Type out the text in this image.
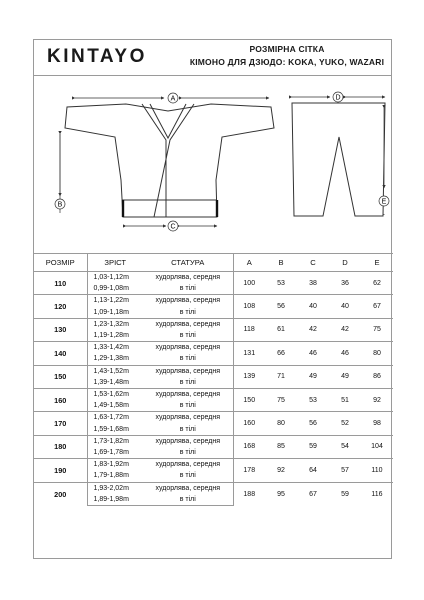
KINTAYO	РОЗМІРНА СІТКА
КІМОНО ДЛЯ ДЗЮДО: KOKA, YUKO, WAZARI
A
B
C
D
E
РОЗМІР	ЗРІСТ	СТАТУРА	A	B	C	D	E
110	1,03-1,12m	худорлява, середня	100	53	38	36	62
	0,99-1,08m	в тілі					
120	1,13-1,22m	худорлява, середня	108	56	40	40	67
	1,09-1,18m	в тілі					
130	1,23-1,32m	худорлява, середня	118	61	42	42	75
	1,19-1,28m	в тілі					
140	1,33-1,42m	худорлява, середня	131	66	46	46	80
	1,29-1,38m	в тілі					
150	1,43-1,52m	худорлява, середня	139	71	49	49	86
	1,39-1,48m	в тілі					
160	1,53-1,62m	худорлява, середня	150	75	53	51	92
	1,49-1,58m	в тілі					
170	1,63-1,72m	худорлява, середня	160	80	56	52	98
	1,59-1,68m	в тілі					
180	1,73-1,82m	худорлява, середня	168	85	59	54	104
	1,69-1,78m	в тілі					
190	1,83-1,92m	худорлява, середня	178	92	64	57	110
	1,79-1,88m	в тілі					
200	1,93-2,02m	худорлява, середня	188	95	67	59	116
	1,89-1,98m	в тілі					
